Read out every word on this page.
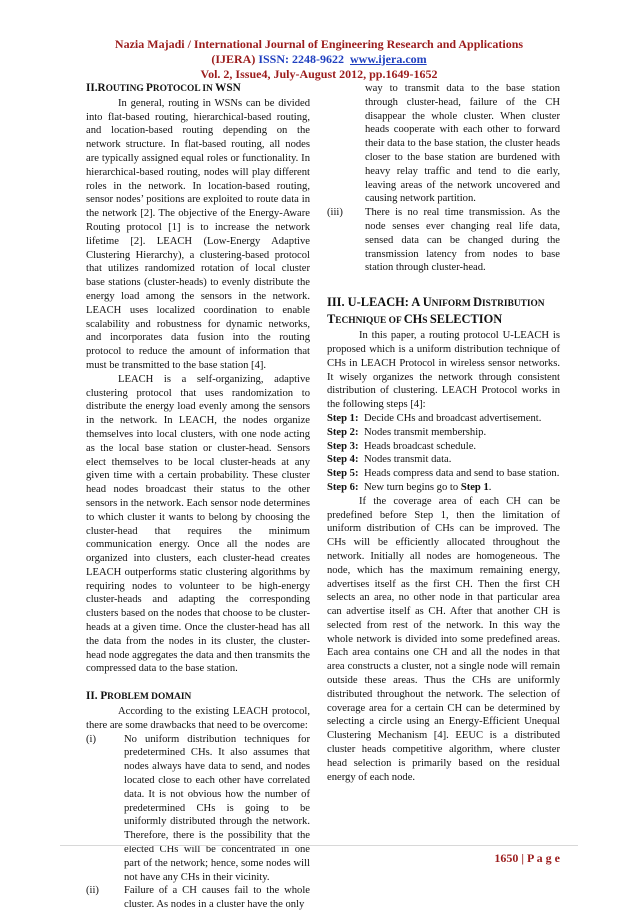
Nazia Majadi / International Journal of Engineering Research and Applications
(IJERA) ISSN: 2248-9622 www.ijera.com
Vol. 2, Issue4, July-August 2012, pp.1649-1652
II.ROUTING PROTOCOL IN WSN

In general, routing in WSNs can be divided into flat-based routing, hierarchical-based routing, and location-based routing depending on the network structure. In flat-based routing, all nodes are typically assigned equal roles or functionality. In hierarchical-based routing, nodes will play different roles in the network. In location-based routing, sensor nodes’ positions are exploited to route data in the network [2]. The objective of the Energy-Aware Routing protocol [1] is to increase the network lifetime [2]. LEACH (Low-Energy Adaptive Clustering Hierarchy), a clustering-based protocol that utilizes randomized rotation of local cluster base stations (cluster-heads) to evenly distribute the energy load among the sensors in the network. LEACH uses localized coordination to enable scalability and robustness for dynamic networks, and incorporates data fusion into the routing protocol to reduce the amount of information that must be transmitted to the base station [4].

LEACH is a self-organizing, adaptive clustering protocol that uses randomization to distribute the energy load evenly among the sensors in the network. In LEACH, the nodes organize themselves into local clusters, with one node acting as the local base station or cluster-head. Sensors elect themselves to be local cluster-heads at any given time with a certain probability. These cluster head nodes broadcast their status to the other sensors in the network. Each sensor node determines to which cluster it wants to belong by choosing the cluster-head that requires the minimum communication energy. Once all the nodes are organized into clusters, each cluster-head creates LEACH outperforms static clustering algorithms by requiring nodes to volunteer to be high-energy cluster-heads and adapting the corresponding clusters based on the nodes that choose to be cluster-heads at a given time. Once the cluster-head has all the data from the nodes in its cluster, the cluster-head node aggregates the data and then transmits the compressed data to the base station.

II. PROBLEM DOMAIN

According to the existing LEACH protocol, there are some drawbacks that need to be overcome:

(i)	No uniform distribution techniques for predetermined CHs. It also assumes that nodes always have data to send, and nodes located close to each other have correlated data. It is not obvious how the number of predetermined CHs is going to be uniformly distributed through the network. Therefore, there is the possibility that the elected CHs will be concentrated in one part of the network; hence, some nodes will not have any CHs in their vicinity.
(ii)	Failure of a CH causes fail to the whole cluster. As nodes in a cluster have the only
way to transmit data to the base station through cluster-head, failure of the CH disappear the whole cluster. When cluster heads cooperate with each other to forward their data to the base station, the cluster heads closer to the base station are burdened with heavy relay traffic and tend to die early, leaving areas of the network uncovered and causing network partition.
(iii)	There is no real time transmission. As the node senses ever changing real life data, sensed data can be changed during the transmission latency from nodes to base station through cluster-head.
III. U-LEACH: A UNIFORM DISTRIBUTION
TECHNIQUE OF CHS SELECTION

In this paper, a routing protocol U-LEACH is proposed which is a uniform distribution technique of CHs in LEACH Protocol in wireless sensor networks. It wisely organizes the network through consistent distribution of clustering. LEACH Protocol works in the following steps [4]:

Step 1: Decide CHs and broadcast advertisement.
Step 2: Nodes transmit membership.
Step 3: Heads broadcast schedule.
Step 4: Nodes transmit data.
Step 5: Heads compress data and send to base station.
Step 6: New turn begins go to Step 1.

If the coverage area of each CH can be predefined before Step 1, then the limitation of uniform distribution of CHs can be improved. The CHs will be efficiently allocated throughout the network. Initially all nodes are homogeneous. The node, which has the maximum remaining energy, advertises itself as the first CH. Then the first CH selects an area, no other node in that particular area can advertise itself as CH. After that another CH is selected from rest of the network. In this way the whole network is divided into some predefined areas. Each area contains one CH and all the nodes in that area constructs a cluster, not a single node will remain outside these areas. Thus the CHs are uniformly distributed throughout the network. The selection of coverage area for a certain CH can be determined by selecting a circle using an Energy-Efficient Unequal Clustering Mechanism [4]. EEUC is a distributed cluster heads competitive algorithm, where cluster head selection is primarily based on the residual energy of each node.

1650 | P a g e
